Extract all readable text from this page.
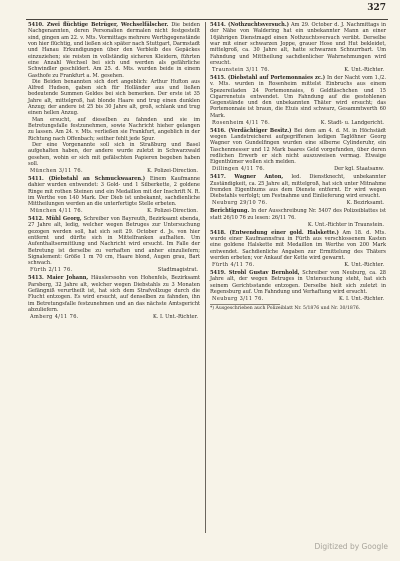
327

5410. Zwei flüchtige Betrüger, Wechselfälscher. Die beiden Nachgenannten, deren Personalien dermalen nicht festgestellt sind, gingen am 22. v. Mts. Vormittags mehrere Werthgegenstände von hier flüchtig, und ließen sich später nach Stuttgart, Darmstadt und Hanau Erkundigungen über den Verbleib des Gepäckes einzuziehen; sie reisten in vollständig sicheren Kleidern, führten eine Anzahl Wechsel bei sich und werden als gefährliche Schwindler geschildert. Am 25. d. Mts. wurden beide in einem Gasthofe zu Frankfurt a. M. gesehen.

Die Beiden benannten sich dort angeblich: Arthur Hufton aus Alfred Hudson, gaben sich für Holländer aus und ließen bedeutende Summen Geldes bei sich bemerken. Der erste ist 35 Jahre alt, mittelgroß, hat blonde Haare und trug einen dunklen Anzug; der andere ist 25 bis 30 Jahre alt, groß, schlank und trug einen hellen Anzug.

Man ersucht, auf dieselben zu fahnden und sie im Betretungsfalle festzunehmen, sowie Nachricht hieher gelangen zu lassen. Am 24. v. Mts. verließen sie Frankfurt, angeblich in der Richtung nach Offenbach; seither fehlt jede Spur.

Der eine Vorgenannte soll sich in Straßburg und Basel aufgehalten haben, der andere wurde zuletzt in Schwarzwald gesehen, wohin er sich mit gefälschten Papieren begeben haben soll.

München 3/11 76.	K. Polizei-Direction.

5411. (Diebstahl an Schmuckwaaren.) Einem Kaufmanne dahier wurden entwendet: 3 Gold- und 1 Silberkette, 2 goldene Ringe mit rothen Steinen und ein Medaillon mit der Inschrift N. R. im Werthe von 140 Mark. Der Dieb ist unbekannt, sachdienliche Mittheilungen werden an die unterfertigte Stelle erbeten.

München 4/11 76.	K. Polizei-Direction.

5412. Mühl Georg, Schreiber von Bayreuth, Bezirksamt ebenda, 27 Jahre alt, ledig, welcher wegen Betruges zur Untersuchung gezogen werden soll, hat sich seit 29. October d. Js. von hier entfernt und dürfte sich in Mittelfranken aufhalten. Um Aufenthaltsermittlung und Nachricht wird ersucht. Im Falle der Betretung ist derselbe zu verhaften und anher einzuliefern; Signalement: Größe 1 m 70 cm, Haare blond, Augen grau, Bart schwach.

Fürth 2/11 76.	Stadtmagistrat.

5413. Maier Johann, Häuslerssohn von Hohenfels, Bezirksamt Parsberg, 32 Jahre alt, welcher wegen Diebstahls zu 3 Monaten Gefängniß verurtheilt ist, hat sich dem Strafvollzuge durch die Flucht entzogen. Es wird ersucht, auf denselben zu fahnden, ihn im Betretungsfalle festzunehmen und an das nächste Amtsgericht abzuliefern.

Amberg 4/11 76.	K. I. Unt.-Richter.

5414. (Nothzuchtsversuch.) Am 29. October d. J. Nachmittags in der Nähe von Waldering hat ein unbekannter Mann an einer 16jährigen Dienstmagd einen Nothzuchtsversuch verübt. Derselbe war mit einer schwarzen Joppe, grauer Hose und Hut bekleidet, mittelgroß, ca. 30 Jahre alt, hatte schwarzen Schnurrbart. Um Fahndung und Mittheilung sachdienlicher Wahrnehmungen wird ersucht.

Traunstein 3/11 76.	K. Unt.-Richter.

5415. (Diebstahl auf Portemonnaies zc.) In der Nacht vom 1./2. v. Mts. wurden in Rosenheim mittelst Einbruchs aus einem Spezereiladen 24 Portemonnaies, 6 Geldtäschchen und 15 Cigarrenetuis entwendet. Um Fahndung auf die gestohlenen Gegenstände und den unbekannten Thäter wird ersucht; das Portemonnaie ist braun, die Etuis sind schwarz, Gesammtwerth 60 Mark.

Rosenheim 4/11 76.	K. Stadt- u. Landgericht.

5416. (Verdächtiger Besitz.) Bei dem am 4. d. M. in Höchstädt wegen Landstreicherei aufgegriffenen ledigen Taglöhner Georg Wagner von Gundelfingen wurden eine silberne Cylinderuhr, ein Taschenmesser und 12 Mark baares Geld vorgefunden, über deren redlichen Erwerb er sich nicht auszuweisen vermag. Etwaige Eigenthümer wollen sich melden.

Dillingen 4/11 76.	Der kgl. Staatsanw.

5417. Wagner Anton, led. Dienstknecht, unbekannter Zuständigkeit, ca. 25 Jahre alt, mittelgroß, hat sich unter Mitnahme fremden Eigenthums aus dem Dienste entfernt. Er wird wegen Diebstahls verfolgt; um Festnahme und Einlieferung wird ersucht.

Neuburg 29/10 76.	K. Bezirksamt.

Berichtigung. In der Ausschreibung Nr. 5407 des Polizeiblattes ist statt 26/10 76 zu lesen: 26/11 76.

K. Unt.-Richter in Traunstein.

5418. (Entwendung einer gold. Halskette.) Am 18. d. Mts. wurde einer Kaufmannsfrau in Fürth aus verschlossenem Kasten eine goldene Halskette mit Medaillon im Werthe von 200 Mark entwendet. Sachdienliche Angaben zur Ermittelung des Thäters werden erbeten; vor Ankauf der Kette wird gewarnt.

Fürth 4/11 76.	K. Unt.-Richter.

5419. Strobl Gustav Bernhold, Schreiber von Neuburg, ca. 28 Jahre alt, der wegen Betruges in Untersuchung steht, hat sich seinem Gerichtsstande entzogen. Derselbe hielt sich zuletzt in Regensburg auf. Um Fahndung und Verhaftung wird ersucht.

Neuburg 3/11 76.	K. I. Unt.-Richter.
*) Ausgeschrieben auch Polizeiblatt Nr. 5/1876 und Nr. 30/1876.
Digitized by Google
